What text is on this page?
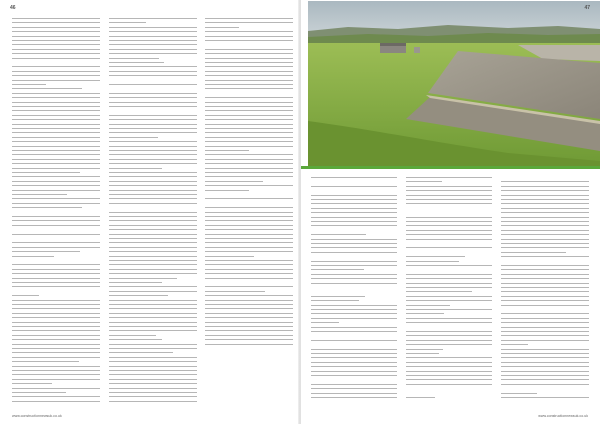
46
www.constructionnewsuk.co.uk
47
www.constructionnewsuk.co.uk
